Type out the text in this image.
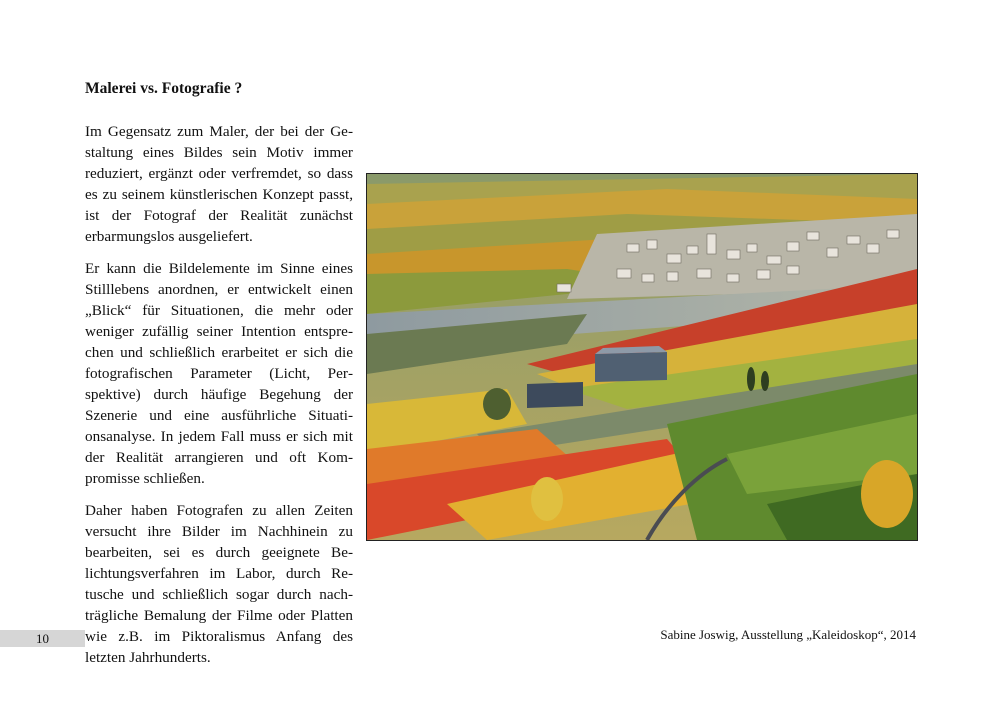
Malerei vs. Fotografie ?

Im Gegensatz zum Maler, der bei der Gestaltung eines Bildes sein Motiv immer reduziert, ergänzt oder verfremdet, so dass es zu seinem künstlerischen Konzept passt, ist der Fotograf der Realität zunächst erbarmungslos ausgeliefert.

Er kann die Bildelemente im Sinne eines Stilllebens anordnen, er entwickelt einen „Blick“ für Situationen, die mehr oder weniger zufällig seiner Intention entsprechen und schließlich erarbeitet er sich die fotografischen Parameter (Licht, Perspektive) durch häufige Begehung der Szenerie und eine ausführliche Situationsanalyse. In jedem Fall muss er sich mit der Realität arrangieren und oft Kompromisse schließen.

Daher haben Fotografen zu allen Zeiten versucht ihre Bilder im Nachhinein zu bearbeiten, sei es durch geeignete Belichtungsverfahren im Labor, durch Retusche und schließlich sogar durch nachträgliche Bemalung der Filme oder Platten wie z.B. im Piktoralismus Anfang des letzten Jahrhunderts.

Sabine Joswig, Ausstellung „Kaleidoskop“, 2014
10
